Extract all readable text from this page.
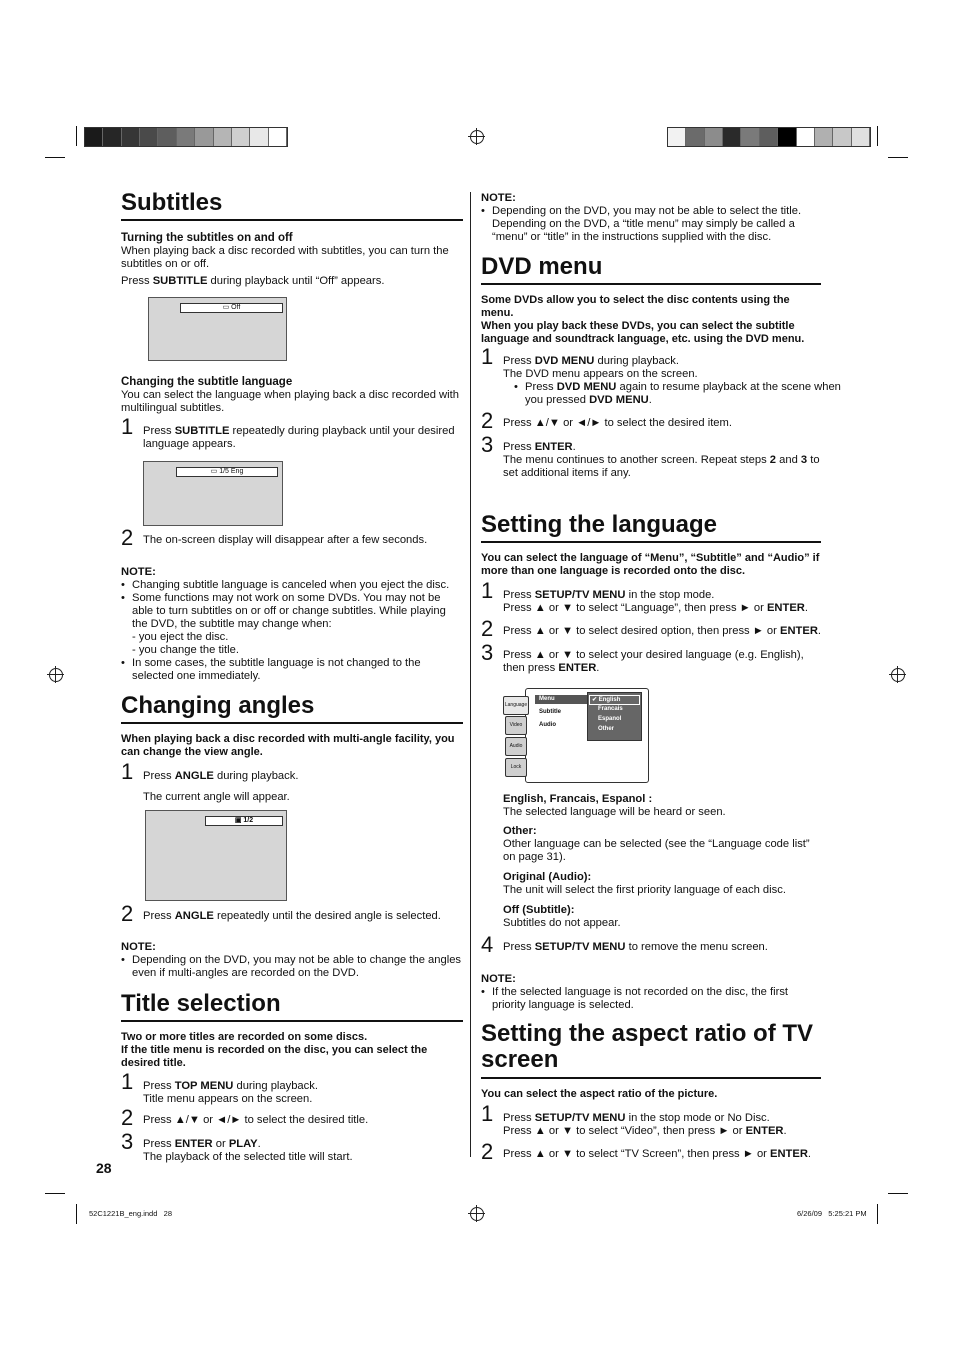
Subtitles
Turning the subtitles on and off
When playing back a disc recorded with subtitles, you can turn the subtitles on or off.
Press SUBTITLE during playback until “Off” appears.
▭ Off
Changing the subtitle language
You can select the language when playing back a disc recorded with multilingual subtitles.
1 Press SUBTITLE repeatedly during playback until your desired language appears.
▭ 1/5 Eng
2 The on-screen display will disappear after a few seconds.
NOTE:
• Changing subtitle language is canceled when you eject the disc.
• Some functions may not work on some DVDs. You may not be able to turn subtitles on or off or change subtitles. While playing the DVD, the subtitle may change when:
- you eject the disc.
- you change the title.
• In some cases, the subtitle language is not changed to the selected one immediately.
Changing angles
When playing back a disc recorded with multi-angle facility, you can change the view angle.
1 Press ANGLE during playback.
The current angle will appear.
▣ 1/2
2 Press ANGLE repeatedly until the desired angle is selected.
NOTE:
• Depending on the DVD, you may not be able to change the angles even if multi-angles are recorded on the DVD.
Title selection
Two or more titles are recorded on some discs.
If the title menu is recorded on the disc, you can select the desired title.
1 Press TOP MENU during playback.
Title menu appears on the screen.
2 Press ▲/▼ or ◄/► to select the desired title.
3 Press ENTER or PLAY.
The playback of the selected title will start.
28
NOTE:
• Depending on the DVD, you may not be able to select the title. Depending on the DVD, a “title menu” may simply be called a “menu” or “title” in the instructions supplied with the disc.
DVD menu
Some DVDs allow you to select the disc contents using the menu.
When you play back these DVDs, you can select the subtitle language and soundtrack language, etc. using the DVD menu.
1 Press DVD MENU during playback.
The DVD menu appears on the screen.
• Press DVD MENU again to resume playback at the scene when you pressed DVD MENU.
2 Press ▲/▼ or ◄/► to select the desired item.
3 Press ENTER.
The menu continues to another screen. Repeat steps 2 and 3 to set additional items if any.
Setting the language
You can select the language of “Menu”, “Subtitle” and “Audio” if more than one language is recorded onto the disc.
1 Press SETUP/TV MENU in the stop mode.
Press ▲ or ▼ to select “Language”, then press ► or ENTER.
2 Press ▲ or ▼ to select desired option, then press ► or ENTER.
3 Press ▲ or ▼ to select your desired language (e.g. English), then press ENTER.
Language
Video
Audio
Lock
Menu
Subtitle
Audio
✔ English
Francais
Espanol
Other
English, Francais, Espanol :
The selected language will be heard or seen.
Other:
Other language can be selected (see the “Language code list” on page 31).
Original (Audio):
The unit will select the first priority language of each disc.
Off (Subtitle):
Subtitles do not appear.
4 Press SETUP/TV MENU to remove the menu screen.
NOTE:
• If the selected language is not recorded on the disc, the first priority language is selected.
Setting the aspect ratio of TV screen
You can select the aspect ratio of the picture.
1 Press SETUP/TV MENU in the stop mode or No Disc.
Press ▲ or ▼ to select “Video”, then press ► or ENTER.
2 Press ▲ or ▼ to select “TV Screen”, then press ► or ENTER.
52C1221B_eng.indd   28	6/26/09   5:25:21 PM
